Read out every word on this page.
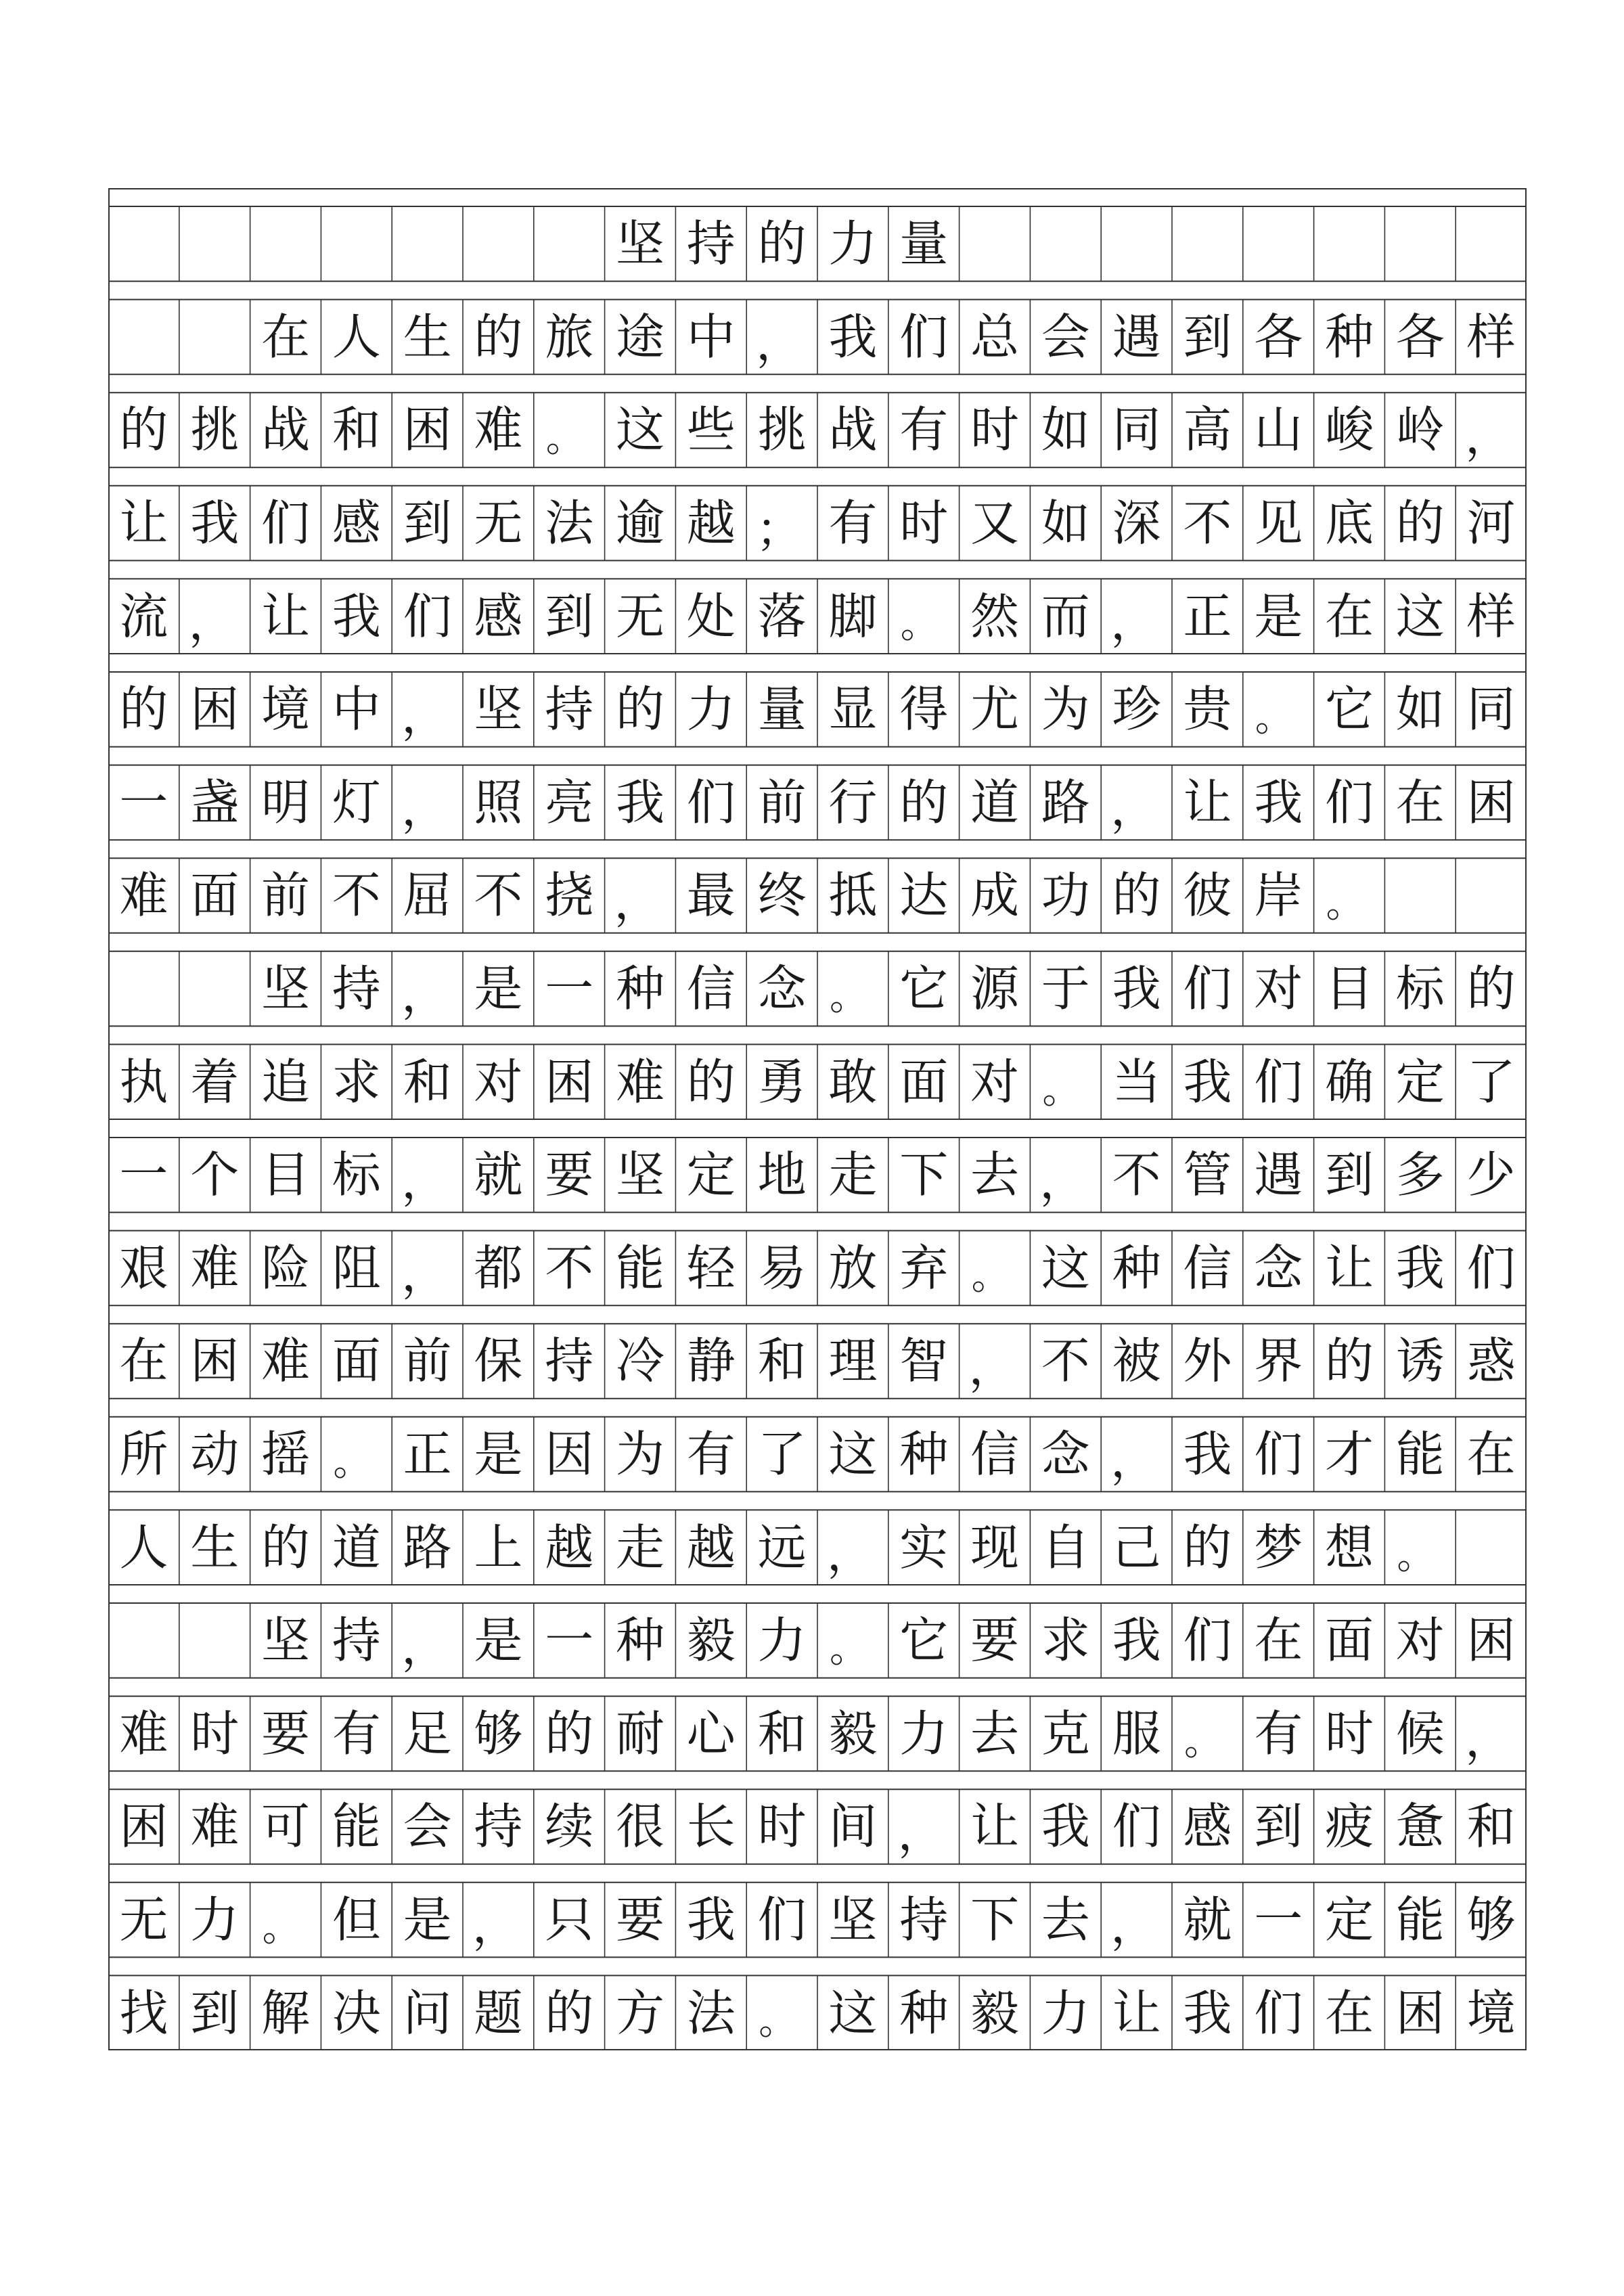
坚 持 的 力 量
在 人 生 的 旅 途 中 ， 我 们 总 会 遇 到 各 种 各 样
的 挑 战 和 困 难 。 这 些 挑 战 有 时 如 同 高 山 峻 岭 ，
让 我 们 感 到 无 法 逾 越 ； 有 时 又 如 深 不 见 底 的 河
流 ， 让 我 们 感 到 无 处 落 脚 。 然 而 ， 正 是 在 这 样
的 困 境 中 ， 坚 持 的 力 量 显 得 尤 为 珍 贵 。 它 如 同
一 盏 明 灯 ， 照 亮 我 们 前 行 的 道 路 ， 让 我 们 在 困
难 面 前 不 屈 不 挠 ， 最 终 抵 达 成 功 的 彼 岸 。
坚 持 ， 是 一 种 信 念 。 它 源 于 我 们 对 目 标 的
执 着 追 求 和 对 困 难 的 勇 敢 面 对 。 当 我 们 确 定 了
一 个 目 标 ， 就 要 坚 定 地 走 下 去 ， 不 管 遇 到 多 少
艰 难 险 阻 ， 都 不 能 轻 易 放 弃 。 这 种 信 念 让 我 们
在 困 难 面 前 保 持 冷 静 和 理 智 ， 不 被 外 界 的 诱 惑
所 动 摇 。 正 是 因 为 有 了 这 种 信 念 ， 我 们 才 能 在
人 生 的 道 路 上 越 走 越 远 ， 实 现 自 己 的 梦 想 。
坚 持 ， 是 一 种 毅 力 。 它 要 求 我 们 在 面 对 困
难 时 要 有 足 够 的 耐 心 和 毅 力 去 克 服 。 有 时 候 ，
困 难 可 能 会 持 续 很 长 时 间 ， 让 我 们 感 到 疲 惫 和
无 力 。 但 是 ， 只 要 我 们 坚 持 下 去 ， 就 一 定 能 够
找 到 解 决 问 题 的 方 法 。 这 种 毅 力 让 我 们 在 困 境
